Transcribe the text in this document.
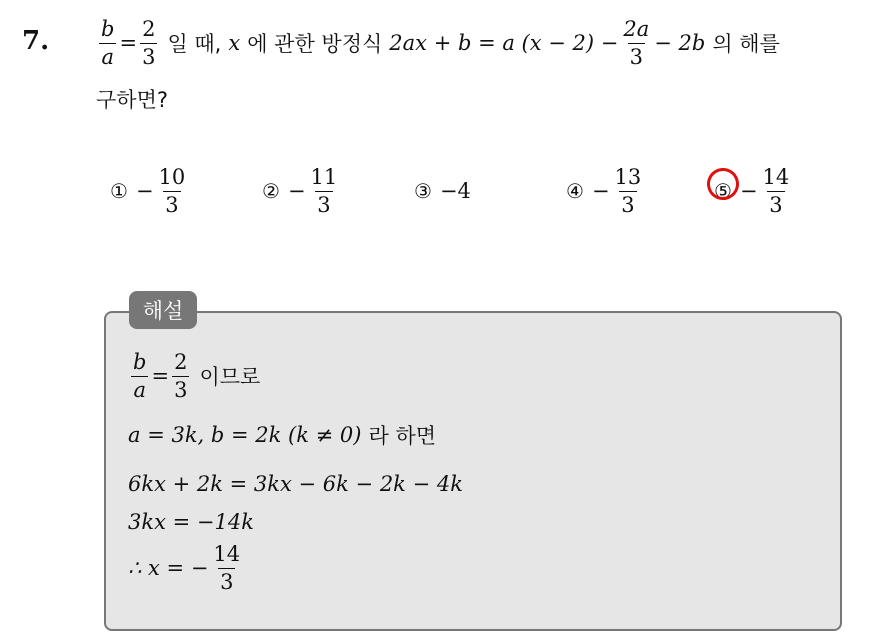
7. $\frac{b}{a} = \frac{2}{3}$ 일 때, x 에 관한 방정식 2ax + b = a $(x - 2) - \frac{2a}{3} - 2b$ 의 해를
구하면?
① − $\frac{10}{3}$	② − $\frac{11}{3}$	③ −4	④ − $\frac{13}{3}$	⑤ − $\frac{14}{3}$
해설
$\frac{b}{a} = \frac{2}{3}$ 이므로
a = 3k, b = 2k (k ≠ 0) 라 하면
6kx + 2k = 3kx − 6k − 2k − 4k
3kx = −14k
∴ x = − $\frac{14}{3}$
